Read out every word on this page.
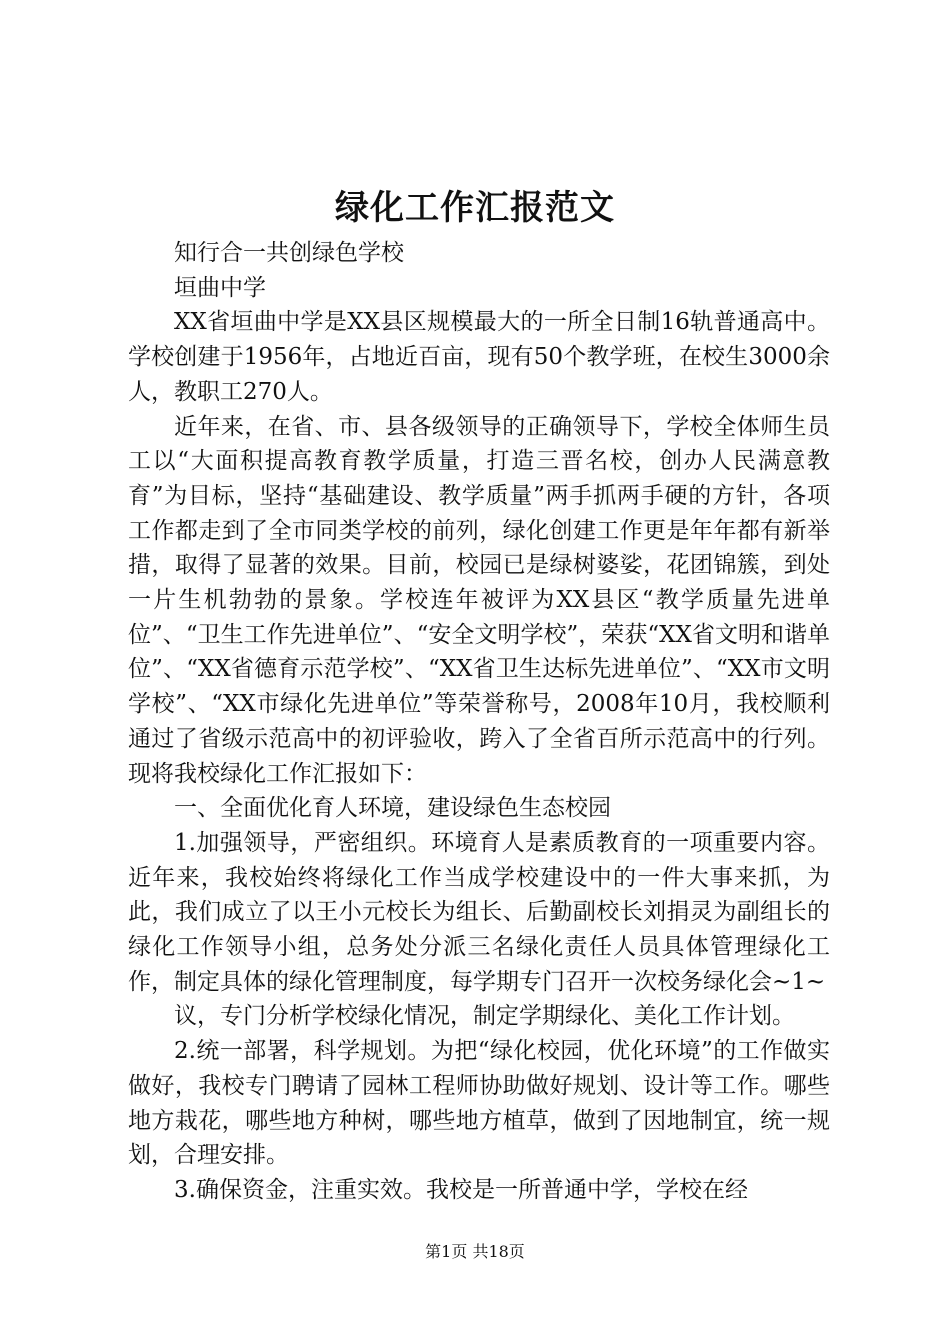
绿化工作汇报范文

知行合一共创绿色学校

垣曲中学

XX省垣曲中学是XX县区规模最大的一所全日制16轨普通高中。学校创建于1956年，占地近百亩，现有50个教学班，在校生3000余人，教职工270人。

近年来，在省、市、县各级领导的正确领导下，学校全体师生员工以“大面积提高教育教学质量，打造三晋名校，创办人民满意教育”为目标，坚持“基础建设、教学质量”两手抓两手硬的方针，各项工作都走到了全市同类学校的前列，绿化创建工作更是年年都有新举措，取得了显著的效果。目前，校园已是绿树婆娑，花团锦簇，到处一片生机勃勃的景象。学校连年被评为XX县区“教学质量先进单位”、“卫生工作先进单位”、“安全文明学校”，荣获“XX省文明和谐单位”、“XX省德育示范学校”、“XX省卫生达标先进单位”、“XX市文明学校”、“XX市绿化先进单位”等荣誉称号，2008年10月，我校顺利通过了省级示范高中的初评验收，跨入了全省百所示范高中的行列。现将我校绿化工作汇报如下：

一、全面优化育人环境，建设绿色生态校园

1.加强领导，严密组织。环境育人是素质教育的一项重要内容。近年来，我校始终将绿化工作当成学校建设中的一件大事来抓，为此，我们成立了以王小元校长为组长、后勤副校长刘捐灵为副组长的绿化工作领导小组，总务处分派三名绿化责任人员具体管理绿化工作，制定具体的绿化管理制度，每学期专门召开一次校务绿化会~1~

议，专门分析学校绿化情况，制定学期绿化、美化工作计划。

2.统一部署，科学规划。为把“绿化校园，优化环境”的工作做实做好，我校专门聘请了园林工程师协助做好规划、设计等工作。哪些地方栽花，哪些地方种树，哪些地方植草，做到了因地制宜，统一规划，合理安排。

3.确保资金，注重实效。我校是一所普通中学，学校在经

第1页 共18页
